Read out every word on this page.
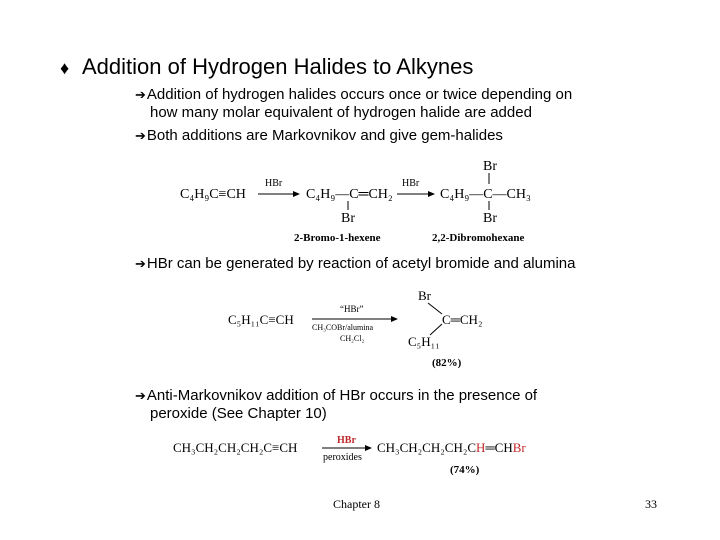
♦ Addition of Hydrogen Halides to Alkynes
➔Addition of hydrogen halides occurs once or twice depending on
how many molar equivalent of hydrogen halide are added
➔Both additions are Markovnikov and give gem-halides
C₄H₉C≡CH
HBr
C₄H₉—C═CH₂
Br
HBr
Br
C₄H₉—C—CH₃
Br
2-Bromo-1-hexene	2,2-Dibromohexane
➔HBr can be generated by reaction of acetyl bromide and alumina
C₅H₁₁C≡CH
“HBr”
CH₃COBr/alumina
CH₂Cl₂
Br
C═CH₂
C₅H₁₁
(82%)
➔Anti-Markovnikov addition of HBr occurs in the presence of
peroxide (See Chapter 10)
CH₃CH₂CH₂CH₂C≡CH	HBr
peroxides
CH₃CH₂CH₂CH₂CH═CHBr
(74%)
Chapter 8	33
